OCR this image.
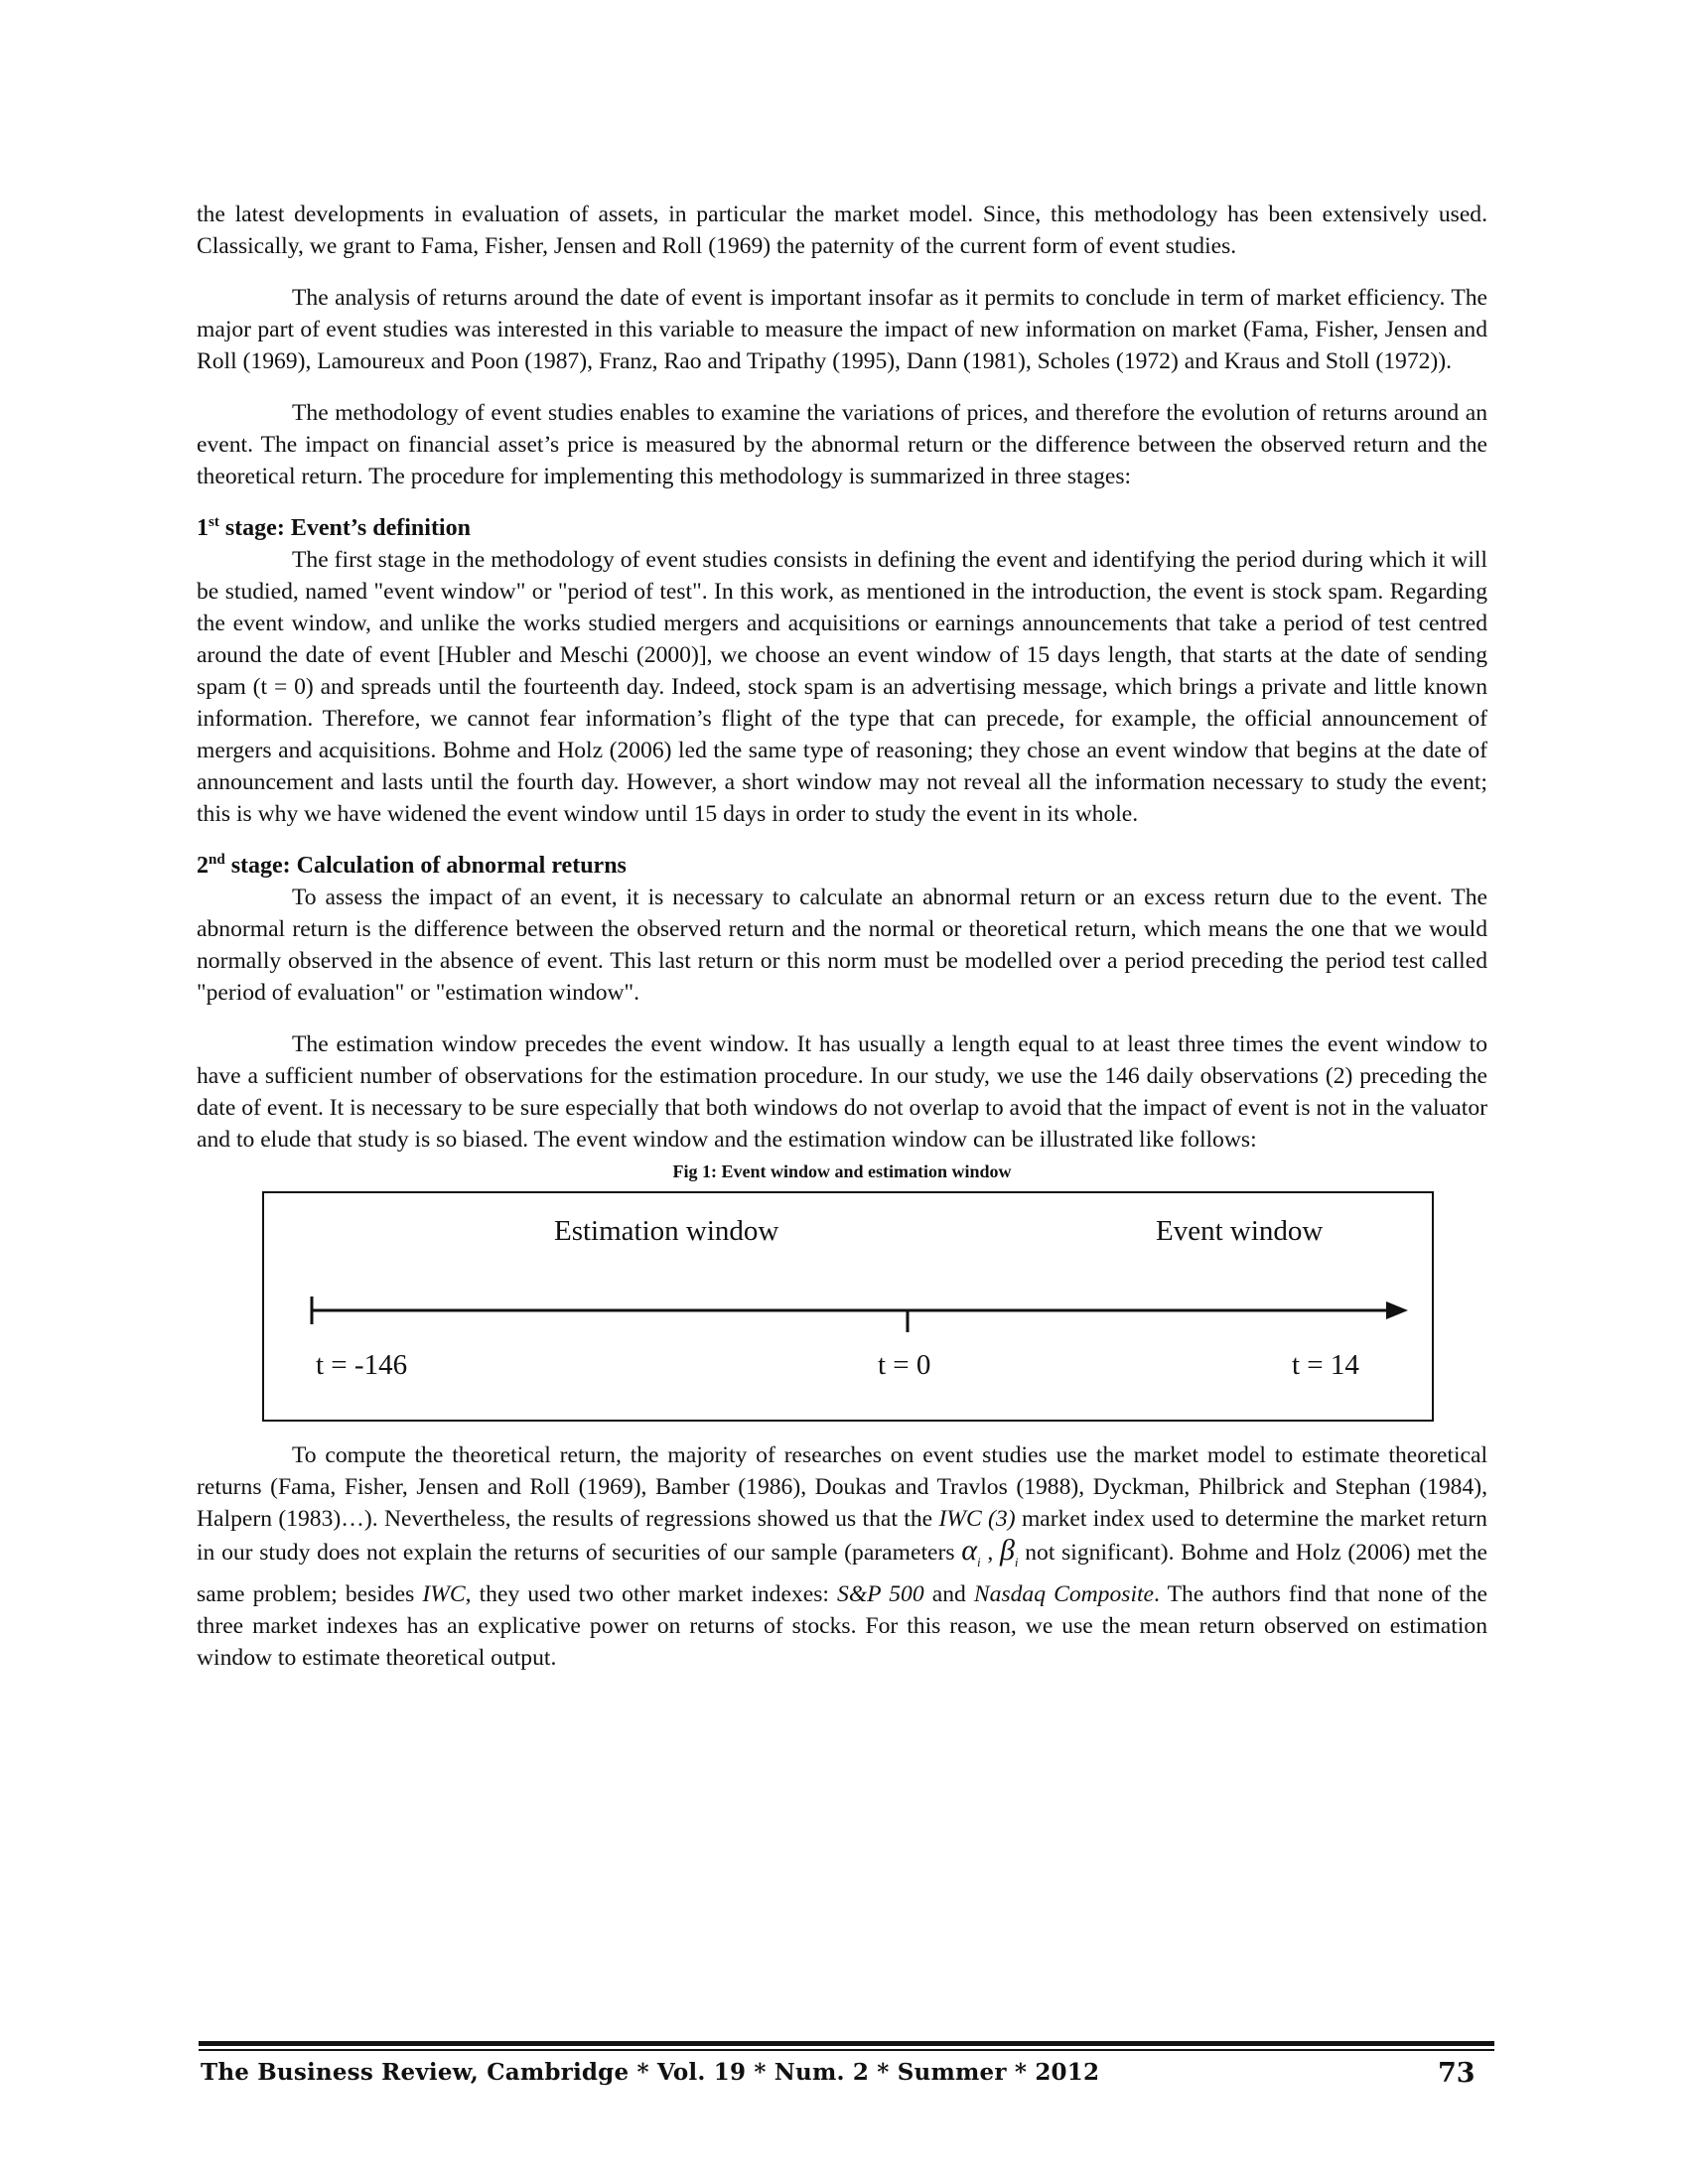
the latest developments in evaluation of assets, in particular the market model. Since, this methodology has been extensively used. Classically, we grant to Fama, Fisher, Jensen and Roll (1969) the paternity of the current form of event studies.

The analysis of returns around the date of event is important insofar as it permits to conclude in term of market efficiency. The major part of event studies was interested in this variable to measure the impact of new information on market (Fama, Fisher, Jensen and Roll (1969), Lamoureux and Poon (1987), Franz, Rao and Tripathy (1995), Dann (1981), Scholes (1972) and Kraus and Stoll (1972)).

The methodology of event studies enables to examine the variations of prices, and therefore the evolution of returns around an event. The impact on financial asset’s price is measured by the abnormal return or the difference between the observed return and the theoretical return. The procedure for implementing this methodology is summarized in three stages:

1st stage: Event’s definition

The first stage in the methodology of event studies consists in defining the event and identifying the period during which it will be studied, named "event window" or "period of test". In this work, as mentioned in the introduction, the event is stock spam. Regarding the event window, and unlike the works studied mergers and acquisitions or earnings announcements that take a period of test centred around the date of event [Hubler and Meschi (2000)], we choose an event window of 15 days length, that starts at the date of sending spam (t = 0) and spreads until the fourteenth day. Indeed, stock spam is an advertising message, which brings a private and little known information. Therefore, we cannot fear information’s flight of the type that can precede, for example, the official announcement of mergers and acquisitions. Bohme and Holz (2006) led the same type of reasoning; they chose an event window that begins at the date of announcement and lasts until the fourth day. However, a short window may not reveal all the information necessary to study the event; this is why we have widened the event window until 15 days in order to study the event in its whole.

2nd stage: Calculation of abnormal returns

To assess the impact of an event, it is necessary to calculate an abnormal return or an excess return due to the event. The abnormal return is the difference between the observed return and the normal or theoretical return, which means the one that we would normally observed in the absence of event. This last return or this norm must be modelled over a period preceding the period test called "period of evaluation" or "estimation window".

The estimation window precedes the event window. It has usually a length equal to at least three times the event window to have a sufficient number of observations for the estimation procedure. In our study, we use the 146 daily observations (2) preceding the date of event. It is necessary to be sure especially that both windows do not overlap to avoid that the impact of event is not in the valuator and to elude that study is so biased. The event window and the estimation window can be illustrated like follows:

Fig 1: Event window and estimation window
Estimation window	Event window
t = -146	t = 0	t = 14

To compute the theoretical return, the majority of researches on event studies use the market model to estimate theoretical returns (Fama, Fisher, Jensen and Roll (1969), Bamber (1986), Doukas and Travlos (1988), Dyckman, Philbrick and Stephan (1984), Halpern (1983)…). Nevertheless, the results of regressions showed us that the IWC (3) market index used to determine the market return in our study does not explain the returns of securities of our sample (parameters $\alpha_i$ , $\beta_i$ not significant). Bohme and Holz (2006) met the same problem; besides IWC, they used two other market indexes: S&P 500 and Nasdaq Composite. The authors find that none of the three market indexes has an explicative power on returns of stocks. For this reason, we use the mean return observed on estimation window to estimate theoretical output.

The Business Review, Cambridge * Vol. 19 * Num. 2 * Summer * 2012	73
